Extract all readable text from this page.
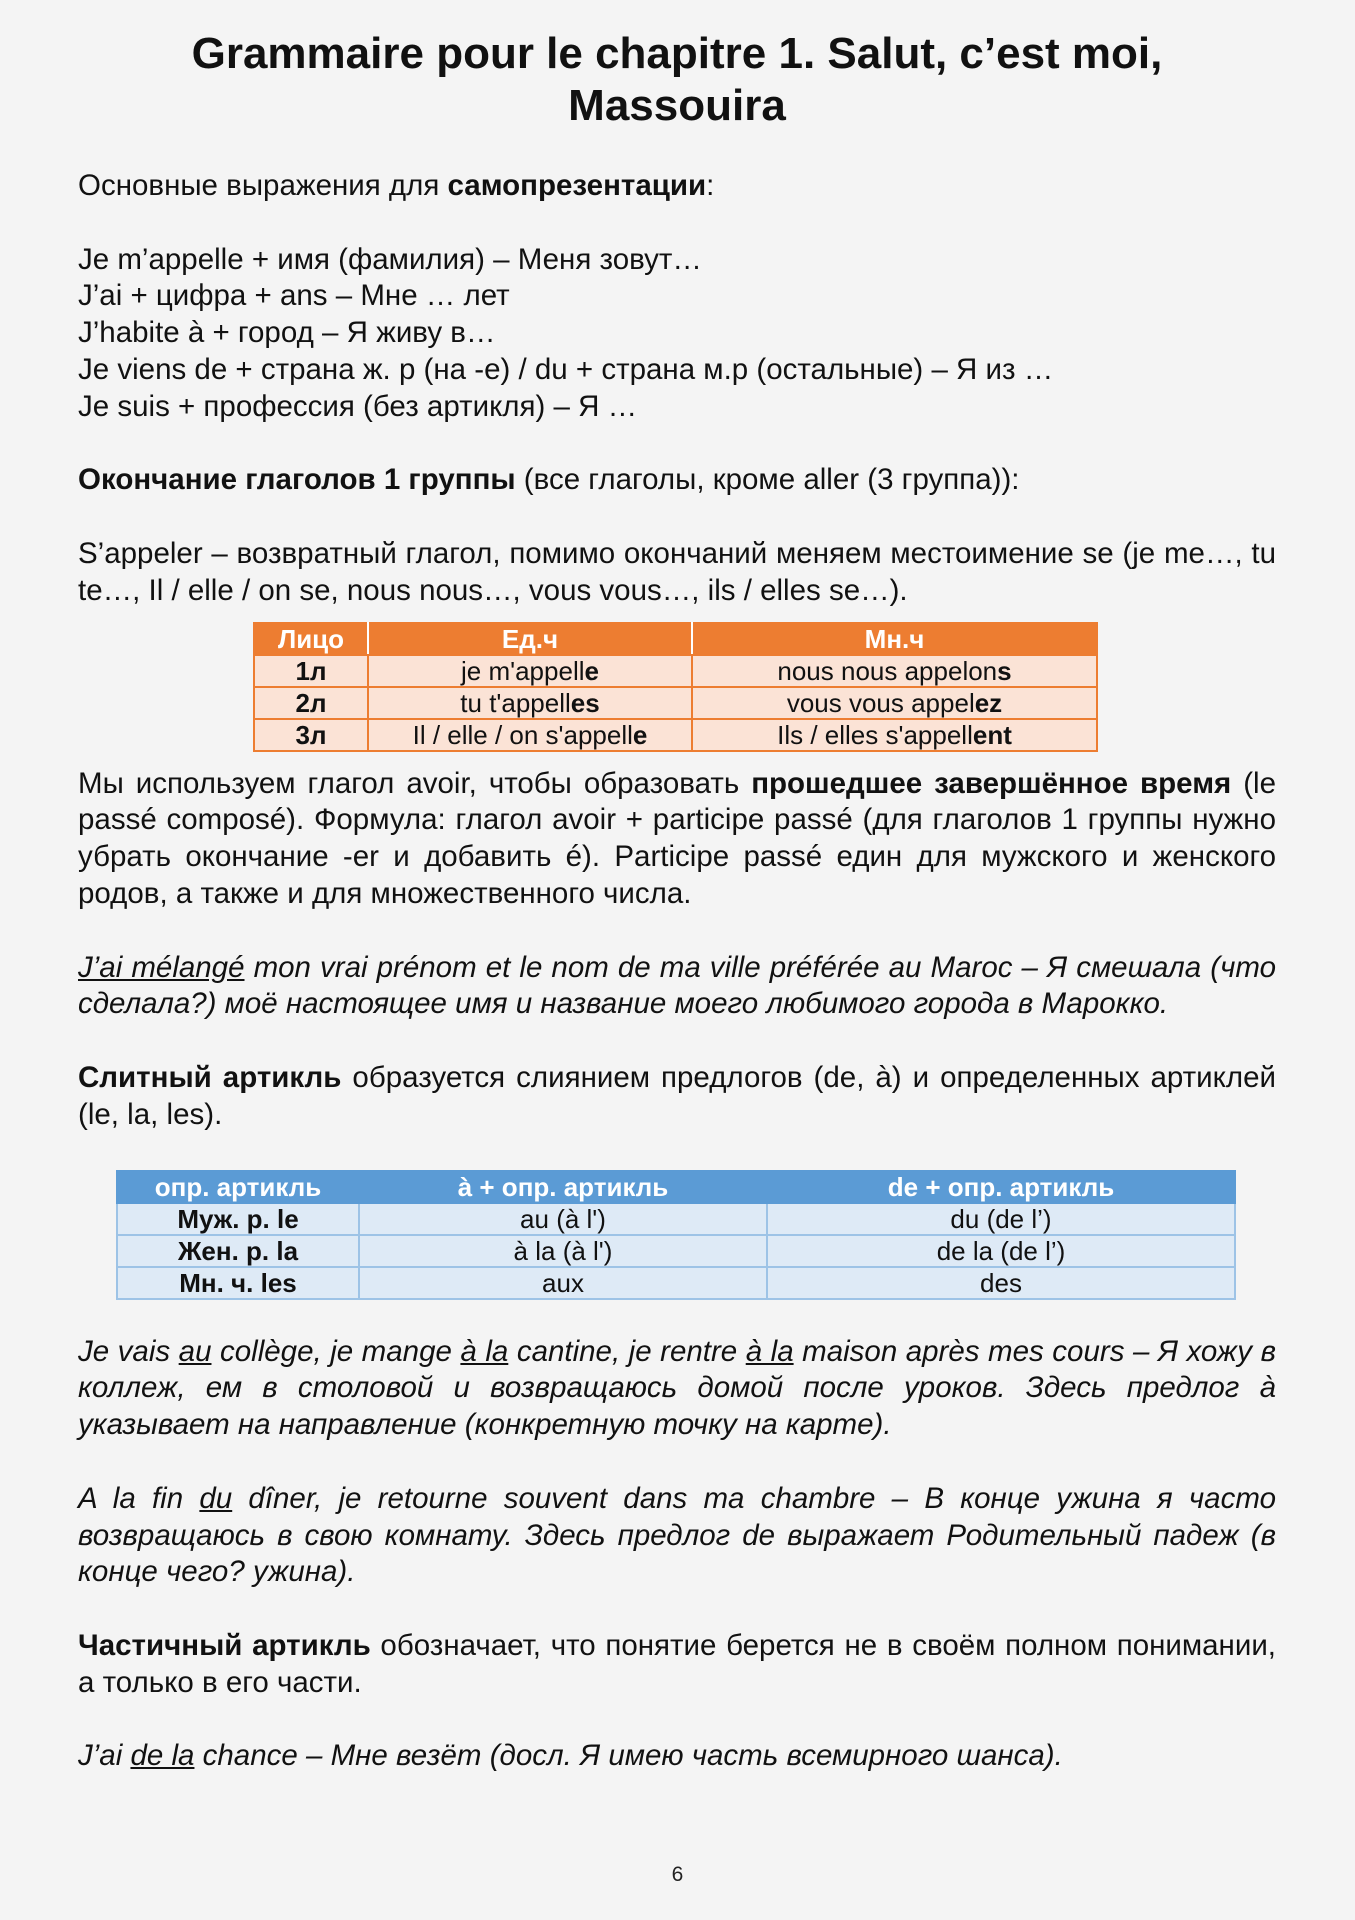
Grammaire pour le chapitre 1. Salut, c’est moi, Massouira

Основные выражения для самопрезентации:

Je m’appelle + имя (фамилия) – Меня зовут…

J’ai + цифра + ans – Мне … лет

J’habite à + город – Я живу в…

Je viens de + страна ж. р (на -е) / du + страна м.р (остальные) – Я из …

Je suis + профессия (без артикля) – Я …

Окончание глаголов 1 группы (все глаголы, кроме aller (3 группа)):

S’appeler – возвратный глагол, помимо окончаний меняем местоимение se (je me…, tu te…, Il / elle / on se, nous nous…, vous vous…, ils / elles se…).

Лицо	Ед.ч	Мн.ч
1л	je m'appelle	nous nous appelons
2л	tu t'appelles	vous vous appelez
3л	Il / elle / on s'appelle	Ils / elles s'appellent

Мы используем глагол avoir, чтобы образовать прошедшее завершённое время (le passé composé). Формула: глагол avoir + participe passé (для глаголов 1 группы нужно убрать окончание -er и добавить é). Participe passé един для мужского и женского родов, а также и для множественного числа.

J’ai mélangé mon vrai prénom et le nom de ma ville préférée au Maroc – Я смешала (что сделала?) моё настоящее имя и название моего любимого города в Марокко.

Слитный артикль образуется слиянием предлогов (de, à) и определенных артиклей (le, la, les).

опр. артикль	à + опр. артикль	de + опр. артикль
Муж. р. le	au (à l')	du (de l’)
Жен. р. la	à la (à l')	de la (de l’)
Мн. ч. les	aux	des

Je vais au collège, je mange à la cantine, je rentre à la maison après mes cours – Я хожу в коллеж, ем в столовой и возвращаюсь домой после уроков. Здесь предлог à указывает на направление (конкретную точку на карте).

A la fin du dîner, je retourne souvent dans ma chambre – В конце ужина я часто возвращаюсь в свою комнату. Здесь предлог de выражает Родительный падеж (в конце чего? ужина).

Частичный артикль обозначает, что понятие берется не в своём полном понимании, а только в его части.

J’ai de la chance – Мне везёт (досл. Я имею часть всемирного шанса).

6
